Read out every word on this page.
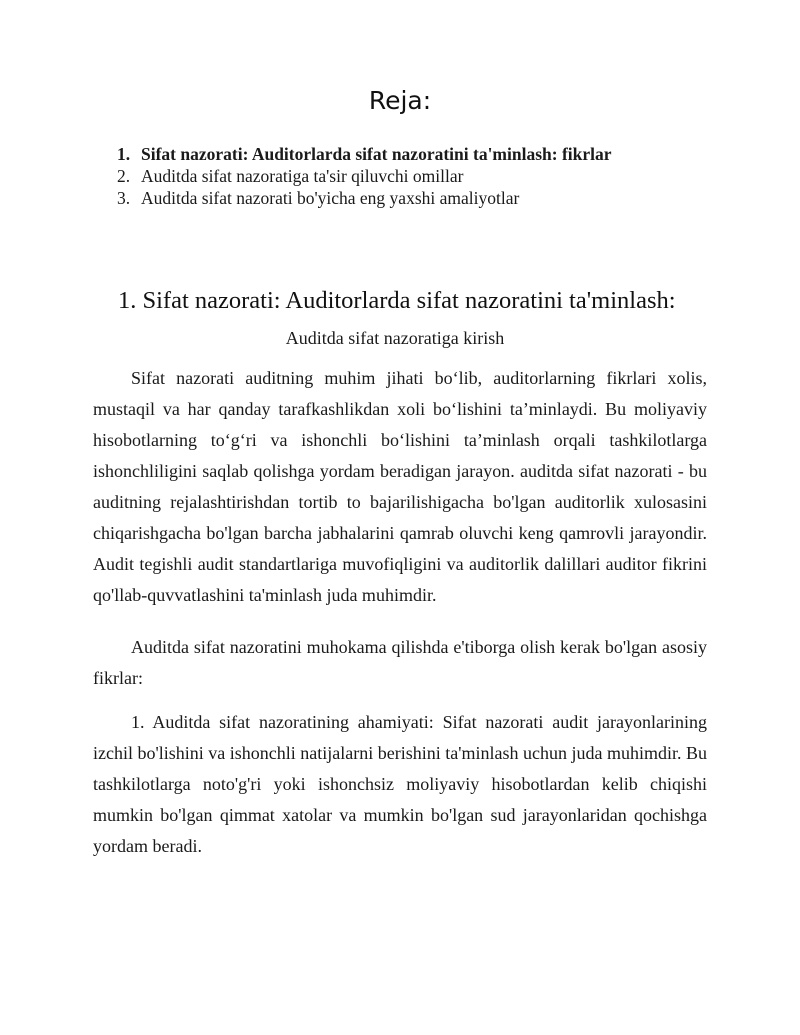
Reja:
1. Sifat nazorati: Auditorlarda sifat nazoratini ta'minlash: fikrlar
2. Auditda sifat nazoratiga ta'sir qiluvchi omillar
3. Auditda sifat nazorati bo'yicha eng yaxshi amaliyotlar
1. Sifat nazorati: Auditorlarda sifat nazoratini ta'minlash:
Auditda sifat nazoratiga kirish

Sifat nazorati auditning muhim jihati bo‘lib, auditorlarning fikrlari xolis, mustaqil va har qanday tarafkashlikdan xoli bo‘lishini ta’minlaydi. Bu moliyaviy hisobotlarning to‘g‘ri va ishonchli bo‘lishini ta’minlash orqali tashkilotlarga ishonchliligini saqlab qolishga yordam beradigan jarayon. auditda sifat nazorati - bu auditning rejalashtirishdan tortib to bajarilishigacha bo'lgan auditorlik xulosasini chiqarishgacha bo'lgan barcha jabhalarini qamrab oluvchi keng qamrovli jarayondir. Audit tegishli audit standartlariga muvofiqligini va auditorlik dalillari auditor fikrini qo'llab-quvvatlashini ta'minlash juda muhimdir.

Auditda sifat nazoratini muhokama qilishda e'tiborga olish kerak bo'lgan asosiy fikrlar:

1. Auditda sifat nazoratining ahamiyati: Sifat nazorati audit jarayonlarining izchil bo'lishini va ishonchli natijalarni berishini ta'minlash uchun juda muhimdir. Bu tashkilotlarga noto'g'ri yoki ishonchsiz moliyaviy hisobotlardan kelib chiqishi mumkin bo'lgan qimmat xatolar va mumkin bo'lgan sud jarayonlaridan qochishga yordam beradi.
